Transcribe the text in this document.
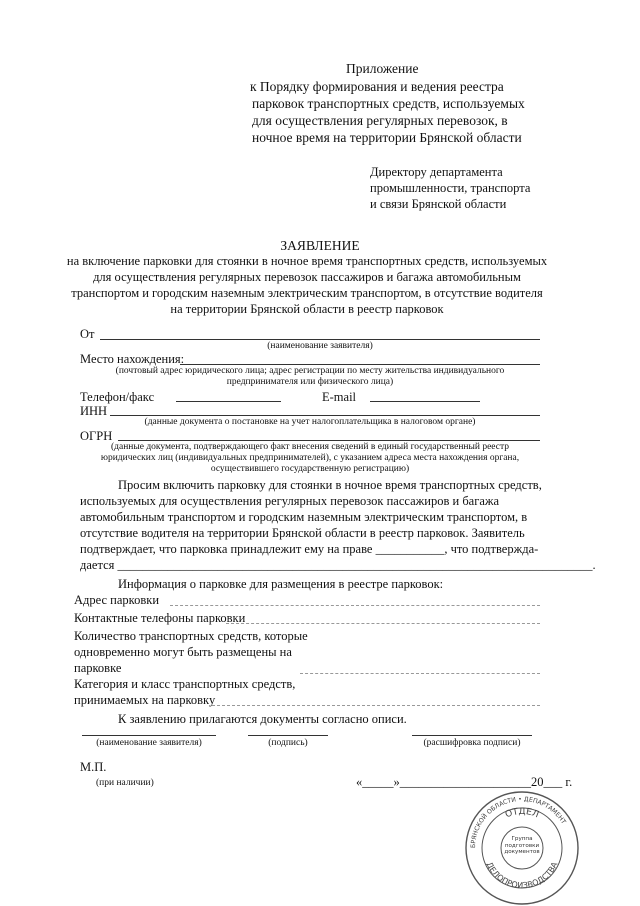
Приложение
к Порядку формирования и ведения реестра
парковок транспортных средств, используемых
для осуществления регулярных перевозок, в
ночное время на территории Брянской области
Директору департамента
промышленности, транспорта
и связи Брянской области
ЗАЯВЛЕНИЕ
на включение парковки для стоянки в ночное время транспортных средств, используемых
для осуществления регулярных перевозок пассажиров и багажа автомобильным
транспортом и городским наземным электрическим транспортом, в отсутствие водителя
на территории Брянской области в реестр парковок
От
(наименование заявителя)
Место нахождения:
(почтовый адрес юридического лица; адрес регистрации по месту жительства индивидуального
предпринимателя или физического лица)
Телефон/факс	E-mail
ИНН
(данные документа о постановке на учет налогоплательщика в налоговом органе)
ОГРН
(данные документа, подтверждающего факт внесения сведений в единый государственный реестр
юридических лиц (индивидуальных предпринимателей), с указанием адреса места нахождения органа,
осуществившего государственную регистрацию)
Просим включить парковку для стоянки в ночное время транспортных средств,
используемых для осуществления регулярных перевозок пассажиров и багажа
автомобильным транспортом и городским наземным электрическим транспортом, в
отсутствие водителя на территории Брянской области в реестр парковок. Заявитель
подтверждает, что парковка принадлежит ему на праве ___________, что подтвержда-
дается ____________________________________________________________________________.
Информация о парковке для размещения в реестре парковок:
Адрес парковки
Контактные телефоны парковки
Количество транспортных средств, которые
одновременно могут быть размещены на
парковке
Категория и класс транспортных средств,
принимаемых на парковку
К заявлению прилагаются документы согласно описи.
(наименование заявителя)	(подпись)	(расшифровка подписи)
М.П.
(при наличии)	«_____»_____________________20___ г.
БРЯНСКОЙ ОБЛАСТИ • ДЕПАРТАМЕНТ
ОТДЕЛ
ДЕЛОПРОИЗВОДСТВА
Группа подготовки документов
